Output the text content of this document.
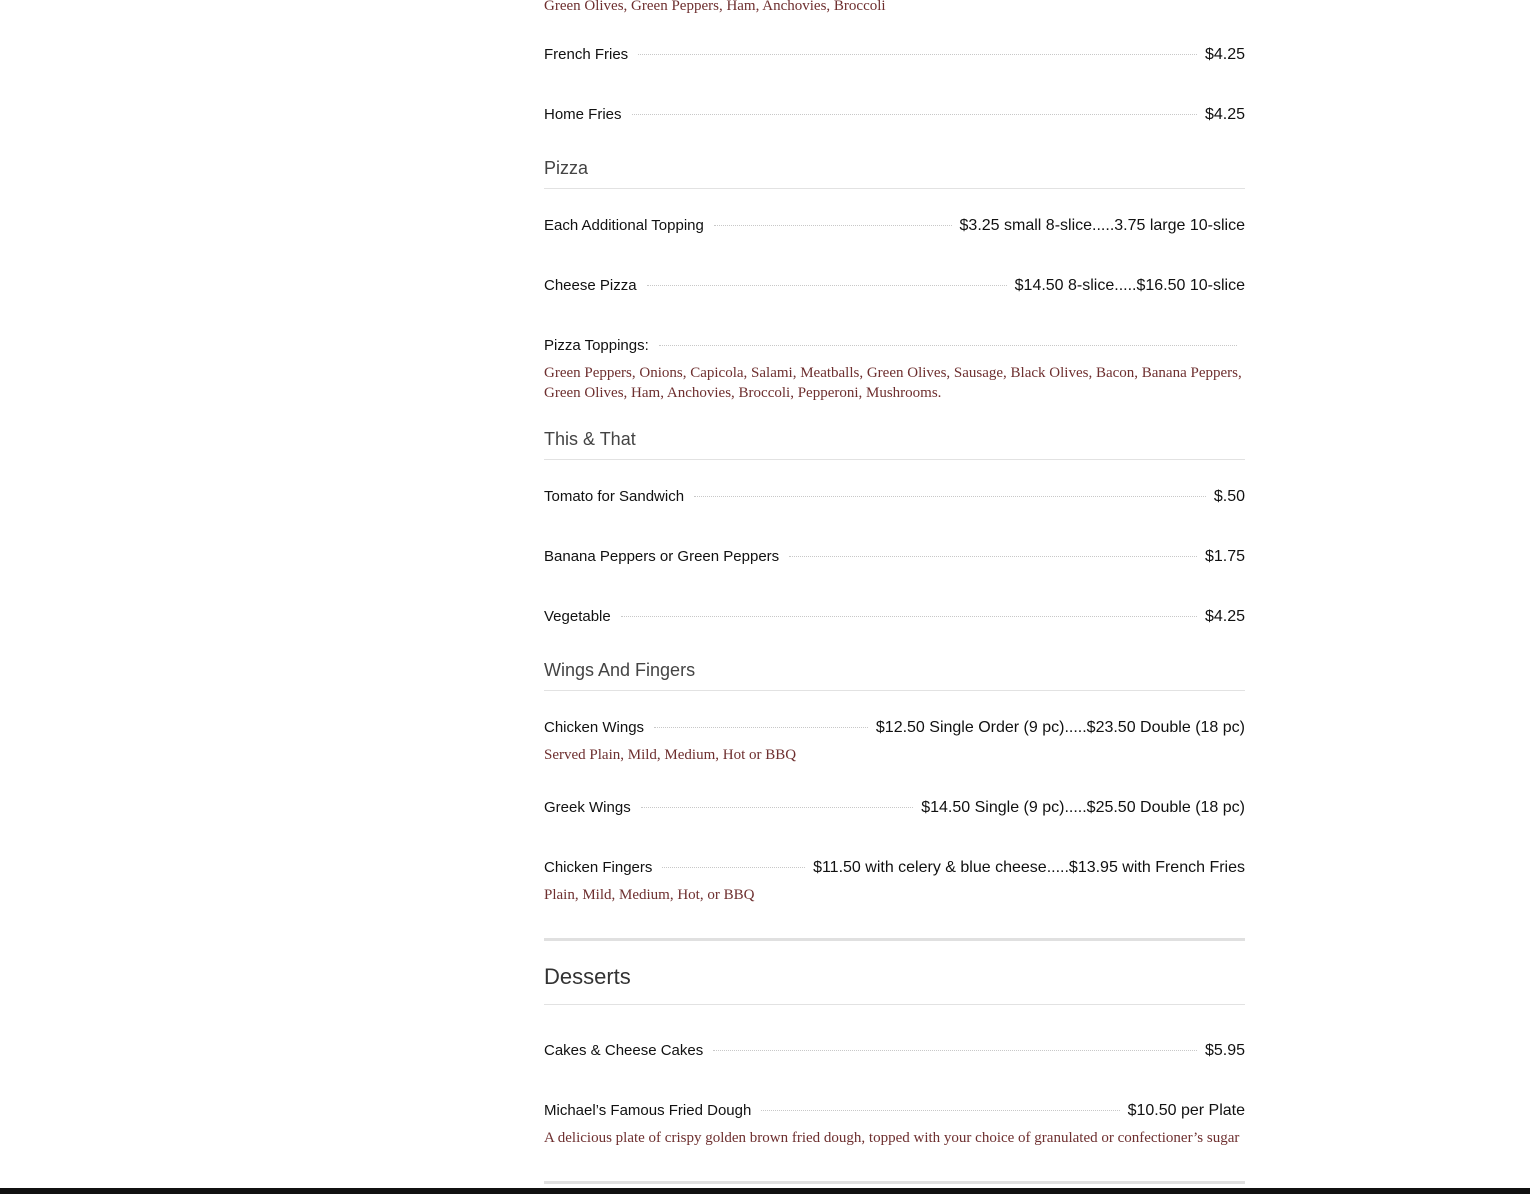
Green Olives, Green Peppers, Ham, Anchovies, Broccoli
French Fries	$4.25
Home Fries	$4.25
Pizza
Each Additional Topping	$3.25 small 8-slice.....3.75 large 10-slice
Cheese Pizza	$14.50 8-slice.....$16.50 10-slice
Pizza Toppings:
Green Peppers, Onions, Capicola, Salami, Meatballs, Green Olives, Sausage, Black Olives, Bacon, Banana Peppers, Green Olives, Ham, Anchovies, Broccoli, Pepperoni, Mushrooms.
This & That
Tomato for Sandwich	$.50
Banana Peppers or Green Peppers	$1.75
Vegetable	$4.25
Wings And Fingers
Chicken Wings	$12.50 Single Order (9 pc).....$23.50 Double (18 pc)
Served Plain, Mild, Medium, Hot or BBQ
Greek Wings	$14.50 Single (9 pc).....$25.50 Double (18 pc)
Chicken Fingers	$11.50 with celery & blue cheese.....$13.95 with French Fries
Plain, Mild, Medium, Hot, or BBQ
Desserts
Cakes & Cheese Cakes	$5.95
Michael’s Famous Fried Dough	$10.50 per Plate
A delicious plate of crispy golden brown fried dough, topped with your choice of granulated or confectioner’s sugar
